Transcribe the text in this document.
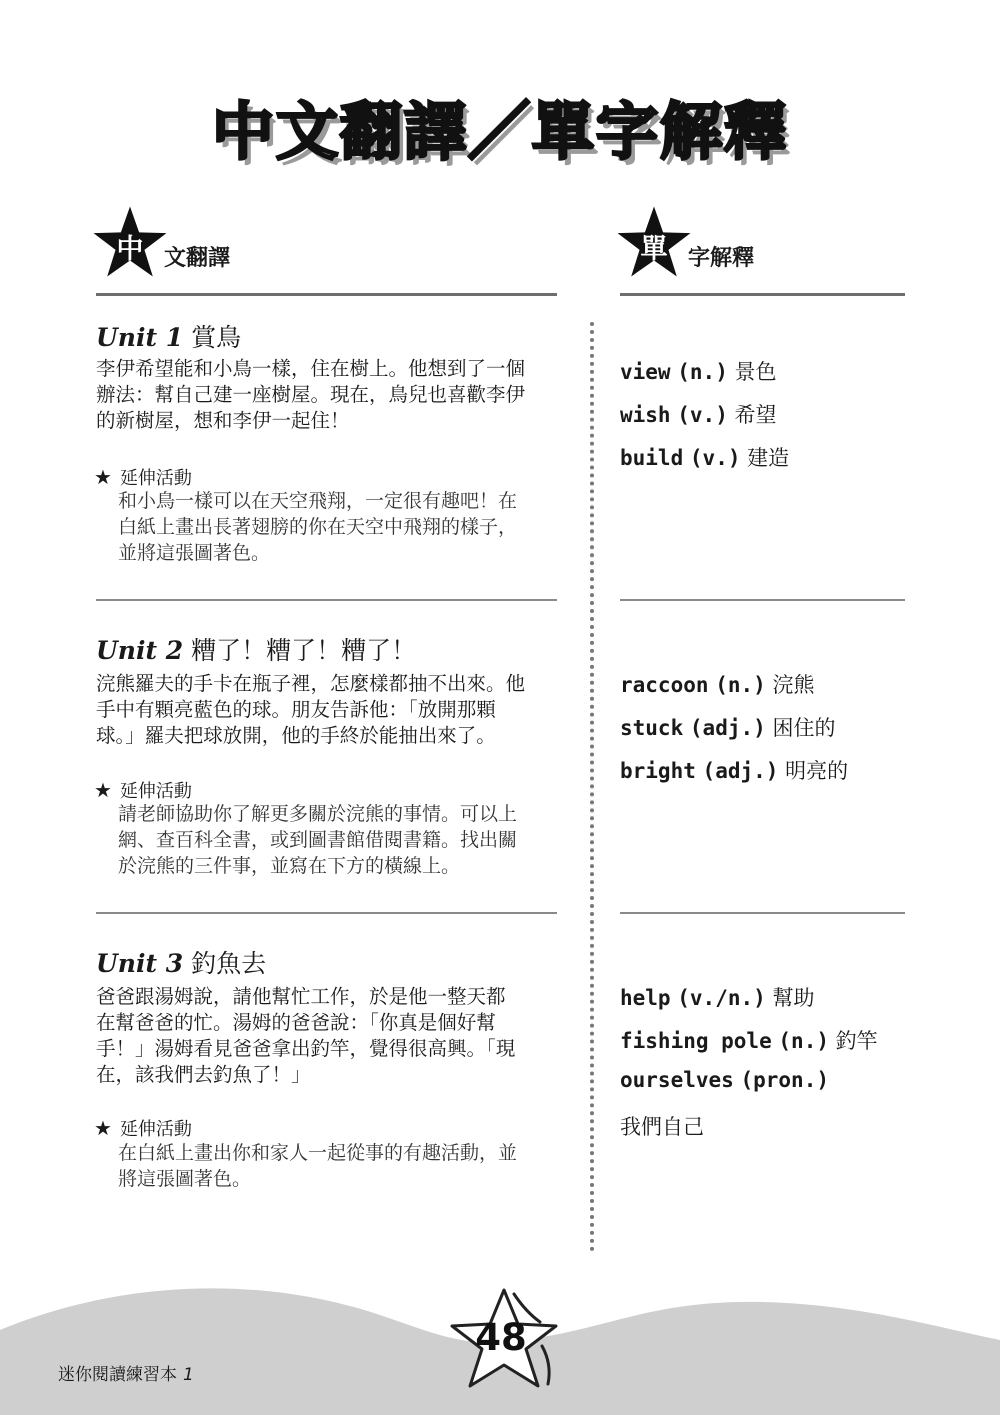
中文翻譯／單字解釋
中 文翻譯	單 字解釋
Unit 1 賞鳥
李伊希望能和小鳥一樣，住在樹上。他想到了一個
辦法：幫自己建一座樹屋。現在，鳥兒也喜歡李伊
的新樹屋，想和李伊一起住！
★ 延伸活動
和小鳥一樣可以在天空飛翔，一定很有趣吧！在
白紙上畫出長著翅膀的你在天空中飛翔的樣子，
並將這張圖著色。
view (n.) 景色
wish (v.) 希望
build (v.) 建造
Unit 2 糟了！糟了！糟了！
浣熊羅夫的手卡在瓶子裡，怎麼樣都抽不出來。他
手中有顆亮藍色的球。朋友告訴他：「放開那顆
球。」羅夫把球放開，他的手終於能抽出來了。
★ 延伸活動
請老師協助你了解更多關於浣熊的事情。可以上
網、查百科全書，或到圖書館借閱書籍。找出關
於浣熊的三件事，並寫在下方的橫線上。
raccoon (n.) 浣熊
stuck (adj.) 困住的
bright (adj.) 明亮的
Unit 3 釣魚去
爸爸跟湯姆說，請他幫忙工作，於是他一整天都
在幫爸爸的忙。湯姆的爸爸說：「你真是個好幫
手！」湯姆看見爸爸拿出釣竿，覺得很高興。「現
在，該我們去釣魚了！」
★ 延伸活動
在白紙上畫出你和家人一起從事的有趣活動，並
將這張圖著色。
help (v./n.) 幫助
fishing pole (n.) 釣竿
ourselves (pron.)
我們自己
48
迷你閱讀練習本 1
